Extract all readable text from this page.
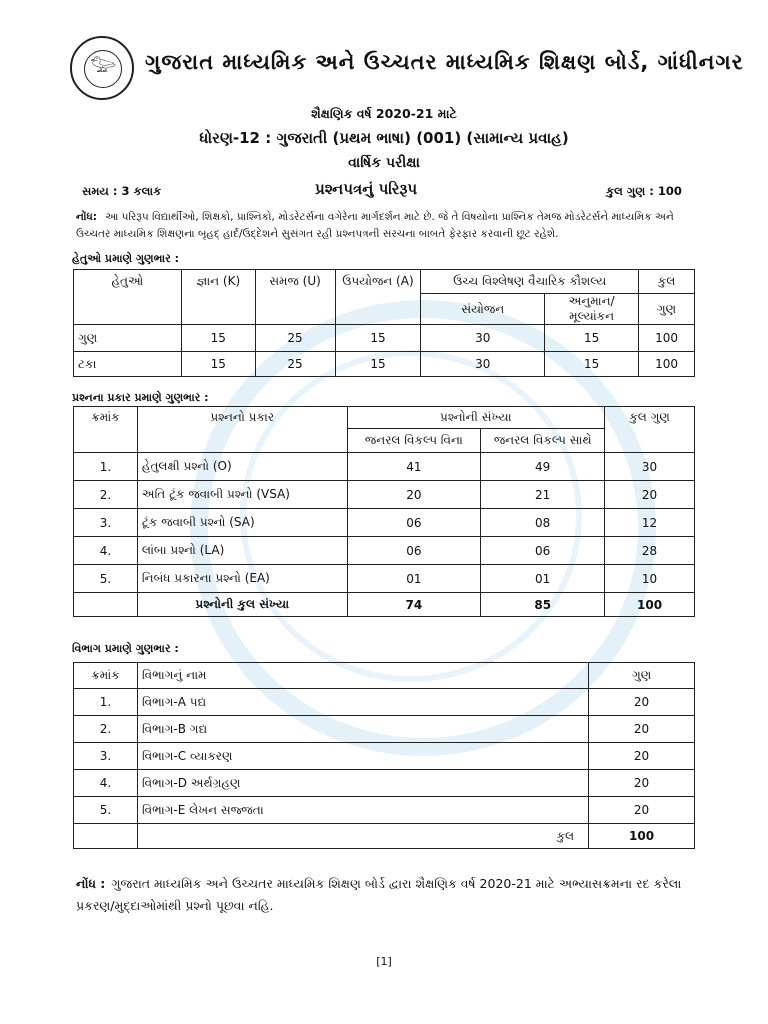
𓅰 ગુજરાત માધ્યમિક અને ઉચ્ચતર માધ્યમિક શિક્ષણ બોર્ડ, ગાંધીનગર
શૈક્ષણિક વર્ષ 2020-21 માટે
ધોરણ-12 : ગુજરાતી (પ્રથમ ભાષા) (001) (સામાન્ય પ્રવાહ)
વાર્ષિક પરીક્ષા
સમય : 3 કલાક	પ્રશ્નપત્રનું પરિરૂપ	કુલ ગુણ : 100
નોંધ: આ પરિરૂપ વિદ્યાર્થીઓ, શિક્ષકો, પ્રાશ્નિકો, મોડરેટર્સના વગેરેના માર્ગદર્શન માટે છે. જે તે વિષયોના પ્રાશ્નિક તેમજ મોડરેટર્સને માધ્યમિક અને ઉચ્ચતર માધ્યમિક શિક્ષણના બૃહદ્ હાર્દ/ઉદ્દેશને સુસંગત રહી પ્રશ્નપત્રની સંરચના બાબતે ફેરફાર કરવાની છૂટ રહેશે.
હેતુઓ પ્રમાણે ગુણભાર :
હેતુઓ	જ્ઞાન (K)	સમજ (U)	ઉપયોજન (A)	ઉચ્ચ વિશ્લેષણ વૈચારિક કૌશલ્ય		કુલ
				સંયોજન	અનુમાન/મૂલ્યાંકન	ગુણ
ગુણ	15	25	15	30	15	100
ટકા	15	25	15	30	15	100
પ્રશ્નના પ્રકાર પ્રમાણે ગુણભાર :
ક્રમાંક	પ્રશ્નનો પ્રકાર	પ્રશ્નોની સંખ્યા		કુલ ગુણ
		જનરલ વિકલ્પ વિના	જનરલ વિકલ્પ સાથે	
1.	હેતુલક્ષી પ્રશ્નો (O)	41	49	30
2.	અતિ ટૂંક જવાબી પ્રશ્નો (VSA)	20	21	20
3.	ટૂંક જવાબી પ્રશ્નો (SA)	06	08	12
4.	લાંબા પ્રશ્નો (LA)	06	06	28
5.	નિબંધ પ્રકારના પ્રશ્નો (EA)	01	01	10
	પ્રશ્નોની કુલ સંખ્યા	74	85	100
વિભાગ પ્રમાણે ગુણભાર :
ક્રમાંક	વિભાગનું નામ	ગુણ
1.	વિભાગ-A પદ્ય	20
2.	વિભાગ-B ગદ્ય	20
3.	વિભાગ-C વ્યાકરણ	20
4.	વિભાગ-D અર્થગ્રહણ	20
5.	વિભાગ-E લેખન સજ્જતા	20
	કુલ	100
નોંધ : ગુજરાત માધ્યમિક અને ઉચ્ચતર માધ્યમિક શિક્ષણ બોર્ડ દ્વારા શૈક્ષણિક વર્ષ 2020-21 માટે અભ્યાસક્રમના રદ કરેલા પ્રકરણ/મુદ્દાઓમાંથી પ્રશ્નો પૂછવા નહિ.
[1]
